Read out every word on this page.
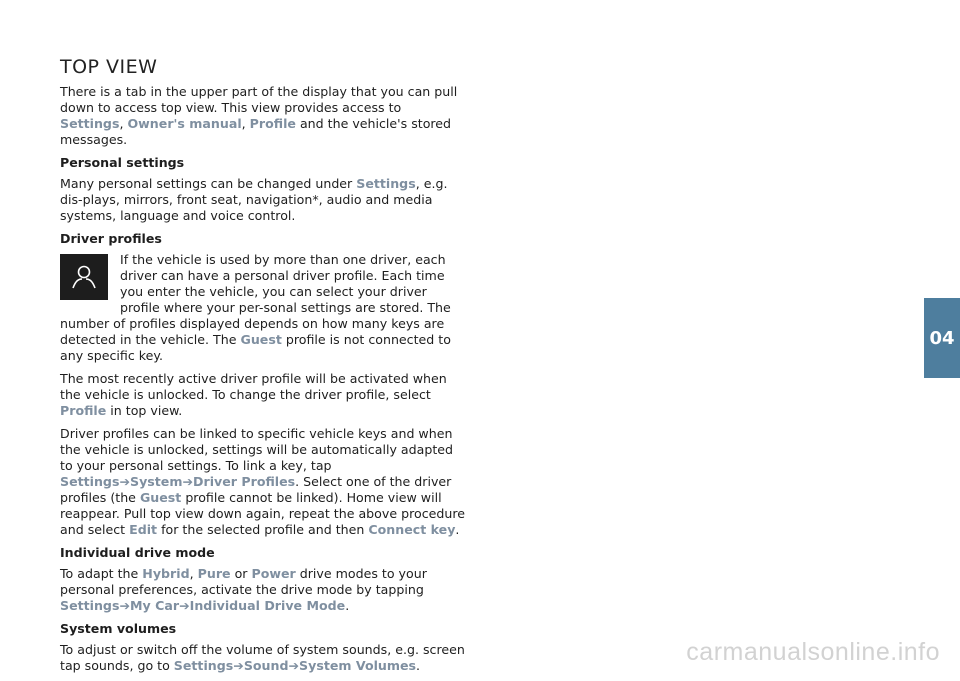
TOP VIEW

There is a tab in the upper part of the display that you can pull down to access top view. This view provides access to Settings, Owner's manual, Profile and the vehicle's stored messages.

Personal settings

Many personal settings can be changed under Settings, e.g. dis-plays, mirrors, front seat, navigation*, audio and media systems, language and voice control.

Driver profiles

If the vehicle is used by more than one driver, each driver can have a personal driver profile. Each time you enter the vehicle, you can select your driver profile where your per-sonal settings are stored. The number of profiles displayed depends on how many keys are detected in the vehicle. The Guest profile is not connected to any specific key.

The most recently active driver profile will be activated when the vehicle is unlocked. To change the driver profile, select Profile in top view.

Driver profiles can be linked to specific vehicle keys and when the vehicle is unlocked, settings will be automatically adapted to your personal settings. To link a key, tap Settings➔System➔Driver Profiles. Select one of the driver profiles (the Guest profile cannot be linked). Home view will reappear. Pull top view down again, repeat the above procedure and select Edit for the selected profile and then Connect key.

Individual drive mode

To adapt the Hybrid, Pure or Power drive modes to your personal preferences, activate the drive mode by tapping Settings➔My Car➔Individual Drive Mode.

System volumes

To adjust or switch off the volume of system sounds, e.g. screen tap sounds, go to Settings➔Sound➔System Volumes.

04
carmanualsonline.info
